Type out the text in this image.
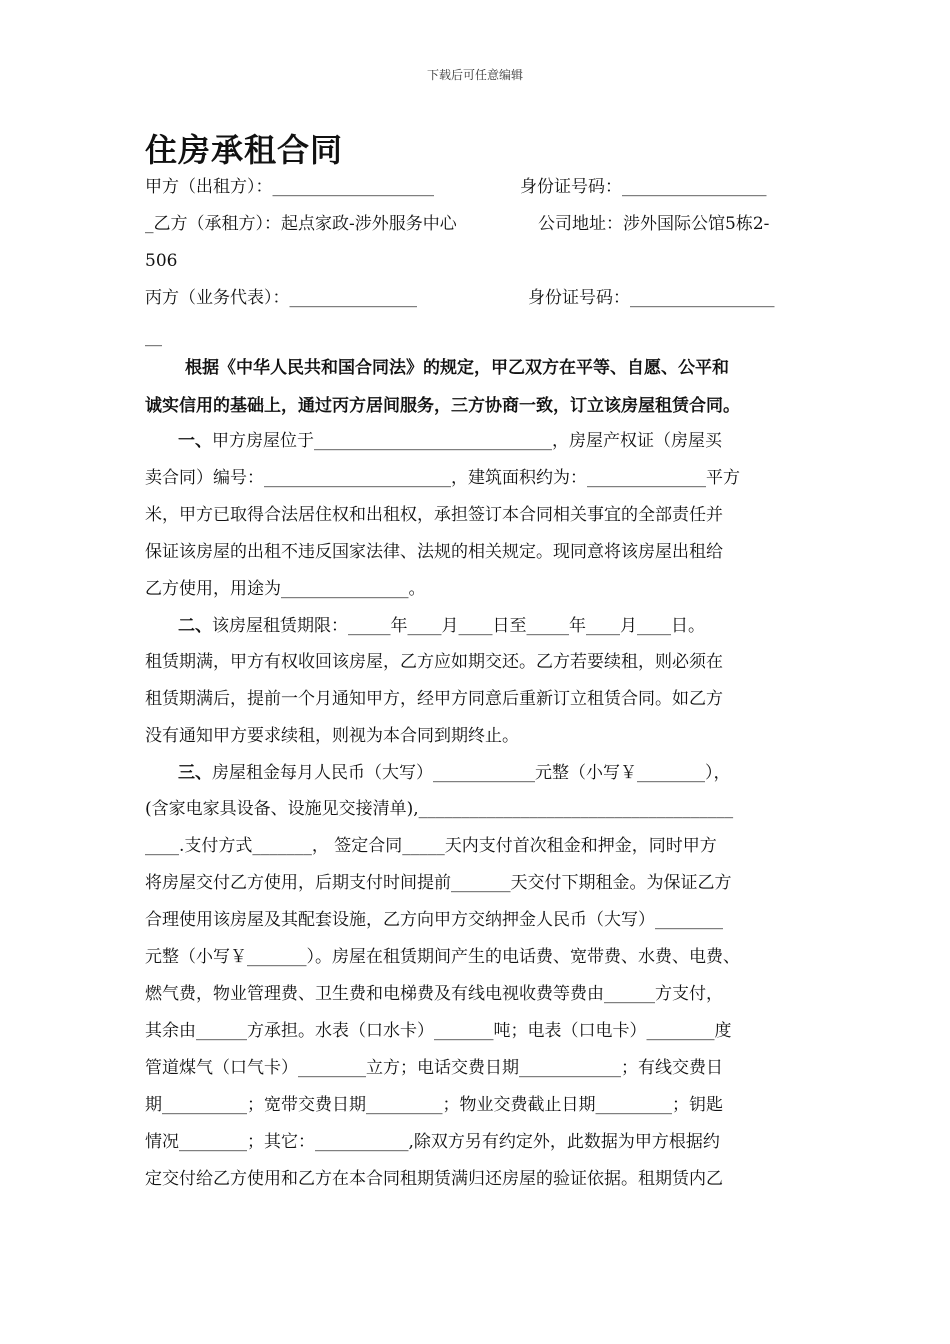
下载后可任意编辑
住房承租合同
甲方（出租方）：___________________	身份证号码：_________________
_乙方（承租方）：起点家政-涉外服务中心	公司地址：涉外国际公馆5栋2-
506
丙方（业务代表）：_______________	身份证号码：_________________
__
根据《中华人民共和国合同法》的规定，甲乙双方在平等、自愿、公平和
诚实信用的基础上，通过丙方居间服务，三方协商一致，订立该房屋租赁合同。
一、甲方房屋位于____________________________，房屋产权证（房屋买
卖合同）编号：______________________，建筑面积约为：______________平方
米，甲方已取得合法居住权和出租权，承担签订本合同相关事宜的全部责任并
保证该房屋的出租不违反国家法律、法规的相关规定。现同意将该房屋出租给
乙方使用，用途为_______________。
二、该房屋租赁期限：_____年____月____日至_____年____月____日。
租赁期满，甲方有权收回该房屋，乙方应如期交还。乙方若要续租，则必须在
租赁期满后，提前一个月通知甲方，经甲方同意后重新订立租赁合同。如乙方
没有通知甲方要求续租，则视为本合同到期终止。
三、房屋租金每月人民币（大写）____________元整（小写￥________），
(含家电家具设备、设施见交接清单),_____________________________________
____.支付方式_______， 签定合同_____天内支付首次租金和押金，同时甲方
将房屋交付乙方使用，后期支付时间提前_______天交付下期租金。为保证乙方
合理使用该房屋及其配套设施，乙方向甲方交纳押金人民币（大写）________
元整（小写￥_______）。房屋在租赁期间产生的电话费、宽带费、水费、电费、
燃气费，物业管理费、卫生费和电梯费及有线电视收费等费由______方支付，
其余由______方承担。水表（口水卡）_______吨；电表（口电卡）________度
管道煤气（口气卡）________立方；电话交费日期____________；有线交费日
期__________；宽带交费日期_________；物业交费截止日期_________；钥匙
情况________；其它：___________,除双方另有约定外，此数据为甲方根据约
定交付给乙方使用和乙方在本合同租期赁满归还房屋的验证依据。租期赁内乙
